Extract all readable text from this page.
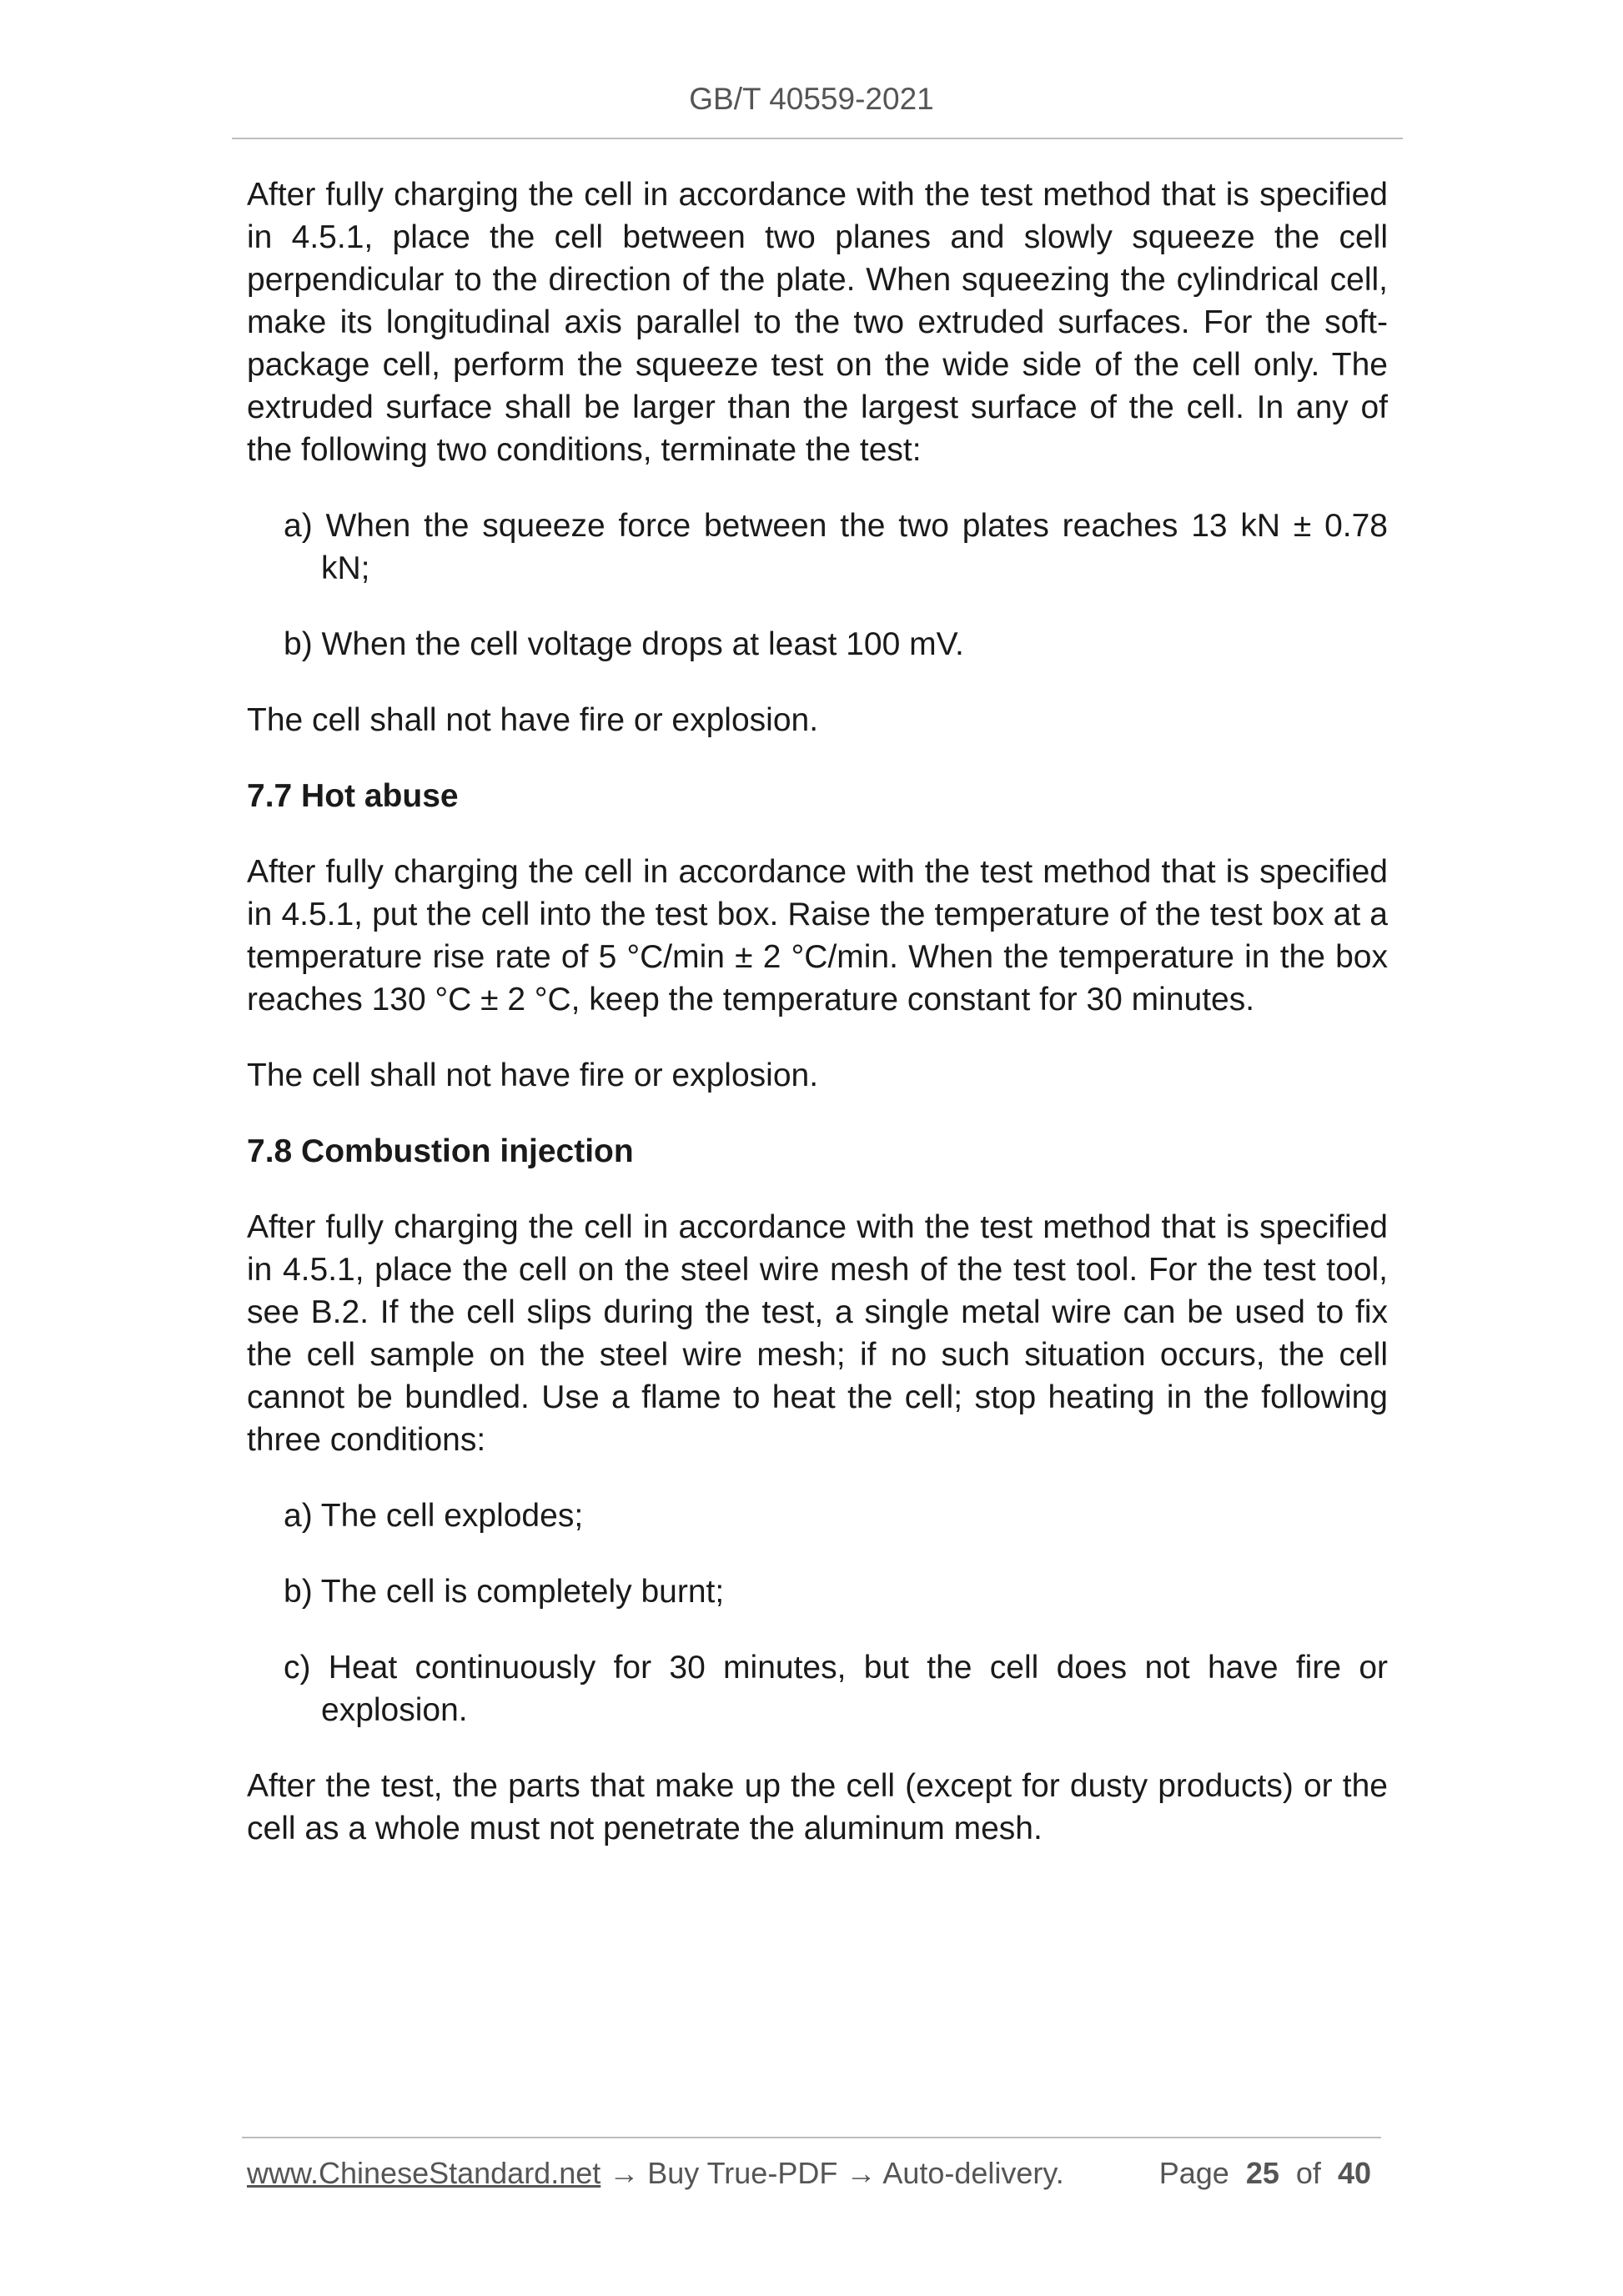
GB/T 40559-2021

After fully charging the cell in accordance with the test method that is specified in 4.5.1, place the cell between two planes and slowly squeeze the cell perpendicular to the direction of the plate. When squeezing the cylindrical cell, make its longitudinal axis parallel to the two extruded surfaces. For the soft-package cell, perform the squeeze test on the wide side of the cell only. The extruded surface shall be larger than the largest surface of the cell. In any of the following two conditions, terminate the test:

a) When the squeeze force between the two plates reaches 13 kN ± 0.78 kN;

b) When the cell voltage drops at least 100 mV.

The cell shall not have fire or explosion.

7.7 Hot abuse

After fully charging the cell in accordance with the test method that is specified in 4.5.1, put the cell into the test box. Raise the temperature of the test box at a temperature rise rate of 5 °C/min ± 2 °C/min. When the temperature in the box reaches 130 °C ± 2 °C, keep the temperature constant for 30 minutes.

The cell shall not have fire or explosion.

7.8 Combustion injection

After fully charging the cell in accordance with the test method that is specified in 4.5.1, place the cell on the steel wire mesh of the test tool. For the test tool, see B.2. If the cell slips during the test, a single metal wire can be used to fix the cell sample on the steel wire mesh; if no such situation occurs, the cell cannot be bundled. Use a flame to heat the cell; stop heating in the following three conditions:

a) The cell explodes;

b) The cell is completely burnt;

c) Heat continuously for 30 minutes, but the cell does not have fire or explosion.

After the test, the parts that make up the cell (except for dusty products) or the cell as a whole must not penetrate the aluminum mesh.

www.ChineseStandard.net → Buy True-PDF → Auto-delivery.	Page 25 of 40
